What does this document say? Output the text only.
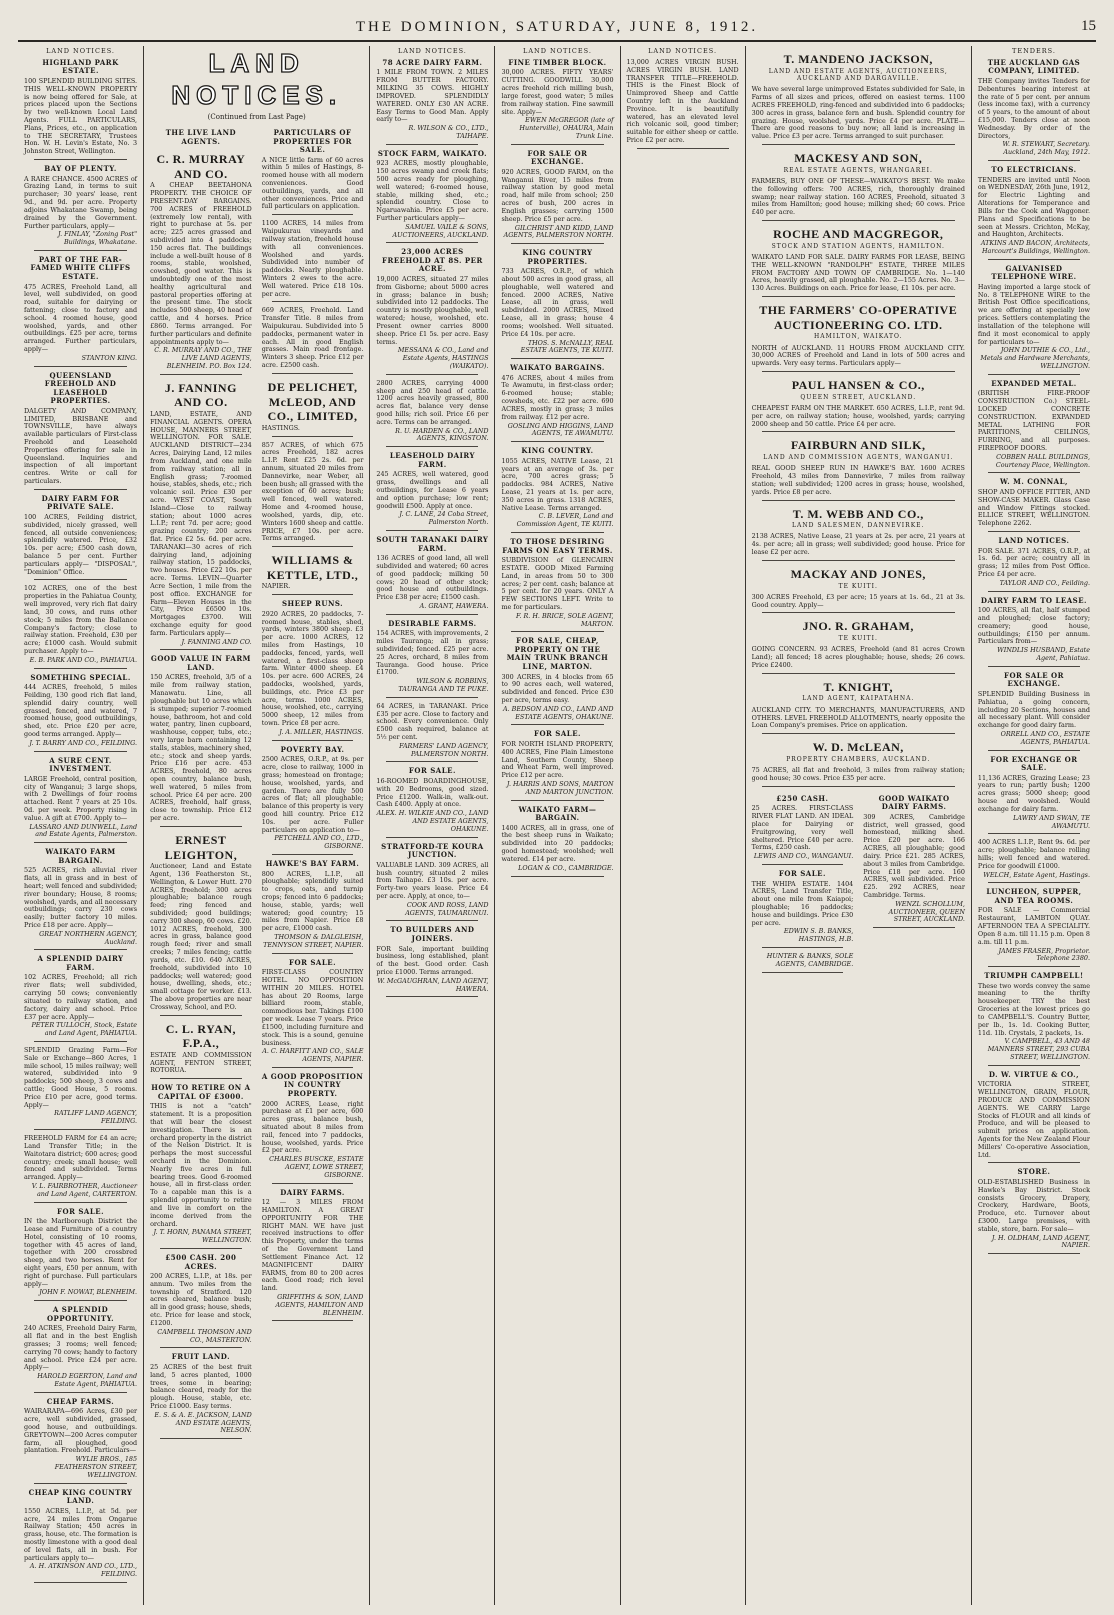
THE DOMINION, SATURDAY, JUNE 8, 1912.	15
LAND NOTICES.
HIGHLAND PARK ESTATE.

100 SPLENDID BUILDING SITES. THIS WELL-KNOWN PROPERTY is now being offered for Sale, at prices placed upon the Sections by two well-known Local Land Agents. FULL PARTICULARS, Plans, Prices, etc., on application to THE SECRETARY, Trustees Hon. W. H. Levin's Estate, No. 3 Johnston Street, Wellington.

BAY OF PLENTY.

A RARE CHANCE. 4500 ACRES of Grazing Land, in terms to suit purchaser; 30 years' lease, rent 9d., and 9d. per acre. Property adjoins Whakatane Swamp, being drained by the Government. Further particulars, apply—

J. FINLAY, "Zoning Post" Buildings, Whakatane.
PART OF THE FAR-FAMED WHITE CLIFFS ESTATE.

475 ACRES, Freehold Land, all level, well subdivided, on good road, suitable for dairying or fattening; close to factory and school. 4 roomed house, good woolshed, yards, and other outbuildings. £25 per acre, terms arranged. Further particulars, apply—

STANTON KING.
QUEENSLAND FREEHOLD AND LEASEHOLD PROPERTIES.

DALGETY AND COMPANY, LIMITED, BRISBANE and TOWNSVILLE, have always available particulars of First-class Freehold and Leasehold Properties offering for sale in Queensland. Inquiries and inspection of all important centres. Write or call for particulars.

DAIRY FARM FOR PRIVATE SALE.

100 ACRES, Feilding district, subdivided, nicely grassed, well fenced, all outside conveniences; splendidly watered. Price, £32 10s. per acre; £500 cash down, balance 5 per cent. Further particulars apply— "DISPOSAL", "Dominion" Office.

102 ACRES, one of the best properties in the Pahiatua County, well improved, very rich flat dairy land, 30 cows, and runs other stock; 5 miles from the Ballance Company's factory; close to railway station. Freehold, £30 per acre; £1000 cash. Would submit purchaser. Apply to—

E. B. PARK AND CO., PAHIATUA.
SOMETHING SPECIAL.

444 ACRES, freehold, 5 miles Feilding, 130 good rich flat land, splendid dairy country, well grassed, fenced, and watered, 7 roomed house, good outbuildings, shed, etc. Price £20 per acre, good terms arranged. Apply—

J. T. BARRY AND CO., FEILDING.
A SURE CENT. INVESTMENT.

LARGE Freehold, central position, city of Wanganui; 3 large shops, with 2 Dwellings of four rooms attached. Rent 7 years at 25 10s. 0d. per week. Property rising in value. A gift at £700. Apply to—

LASSARO AND DUNWELL, Land and Estate Agents, Palmerston.
WAIKATO FARM BARGAIN.

525 ACRES, rich alluvial river flats, all in grass and in best of heart; well fenced and subdivided; river boundary; House, 8 rooms; woolshed, yards, and all necessary outbuildings; carry 230 cows easily; butter factory 10 miles. Price £18 per acre. Apply—

GREAT NORTHERN AGENCY, Auckland.
A SPLENDID DAIRY FARM.

102 ACRES, Freehold; all rich river flats; well subdivided, carrying 50 cows; conveniently situated to railway station, and factory, dairy and school. Price £37 per acre. Apply—

PETER TULLOCH, Stock, Estate and Land Agent, PAHIATUA.

SPLENDID Grazing Farm—For Sale or Exchange—860 Acres, 1 mile school, 15 miles railway; well watered, subdivided into 9 paddocks; 500 sheep, 3 cows and cattle; Good House, 5 rooms. Price £10 per acre, good terms. Apply—

RATLIFF LAND AGENCY, FEILDING.

FREEHOLD FARM for £4 an acre; Land Transfer Title; in the Waitotara district; 600 acres; good country; creek; small house; well fenced and subdivided. Terms arranged. Apply—

V. L. FAIRBROTHER, Auctioneer and Land Agent, CARTERTON.
FOR SALE.

IN the Marlborough District the Lease and Furniture of a country Hotel, consisting of 10 rooms, together with 45 acres of land, together with 200 crossbred sheep, and two horses. Rent for eight years, £50 per annum, with right of purchase. Full particulars apply—

JOHN F. NOWAT, BLENHEIM.
A SPLENDID OPPORTUNITY.

240 ACRES, Freehold Dairy Farm, all flat and in the best English grasses; 3 rooms; well fenced; carrying 70 cows; handy to factory and school. Price £24 per acre. Apply—

HAROLD EGERTON, Land and Estate Agent, PAHIATUA.
CHEAP FARMS.

WAIRARAPA—696 Acres, £30 per acre, well subdivided, grassed, good house, and outbuildings. GREYTOWN—200 Acres computer farm, all ploughed, good plantation. Freehold. Particulars—

WYLIE BROS., 185 FEATHERSTON STREET, WELLINGTON.
CHEAP KING COUNTRY LAND.

1550 ACRES, L.I.P., at 5d. per acre, 24 miles from Ongarue Railway Station; 450 acres in grass, house, etc. The formation is mostly limestone with a good deal of level flats, all in bush. For particulars apply to—

A. H. ATKINSON AND CO., LTD., FEILDING.
LAND NOTICES.
(Continued from Last Page)
THE LIVE LAND AGENTS.
C. R. MURRAY AND CO.

A CHEAP BEETAHONA PROPERTY. THE CHOICE OF PRESENT-DAY BARGAINS. 700 ACRES of FREEHOLD (extremely low rental), with right to purchase at 5s. per acre; 225 acres grassed and subdivided into 4 paddocks; 150 acres flat. The buildings include a well-built house of 8 rooms, stable, woolshed, cowshed, good water. This is undoubtedly one of the most healthy agricultural and pastoral properties offering at the present time. The stock includes 500 sheep, 40 head of cattle, and 4 horses. Price £860. Terms arranged. For further particulars and definite appointments apply to—

C. R. MURRAY AND CO., THE LIVE LAND AGENTS, BLENHEIM. P.O. Box 124.
J. FANNING AND CO.

LAND, ESTATE, AND FINANCIAL AGENTS. OPERA HOUSE, MANNERS STREET, WELLINGTON. FOR SALE. AUCKLAND DISTRICT—234 Acres, Dairying Land, 12 miles from Auckland, and one mile from railway station; all in English grass; 7-roomed house, stables, sheds, etc.; rich volcanic soil. Price £30 per acre. WEST COAST, South Island—Close to railway station; about 1000 acres L.I.P.; rent 7d. per acre; good grazing country; 200 acres flat. Price £2 5s. 6d. per acre. TARANAKI—30 acres of rich dairying land, adjoining railway station, 15 paddocks, two houses. Price £22 10s. per acre. Terms. LEVIN—Quarter Acre Section, 1 mile from the post office. EXCHANGE for Farm—Eleven Houses in the City, Price £6500 10s. Mortgages £3700. Will exchange equity for good farm. Particulars apply—

J. FANNING AND CO.
GOOD VALUE IN FARM LAND.

150 ACRES, freehold, 3/5 of a mile from railway station, Manawatu. Line, all ploughable but 10 acres which is stumped; superior 7-roomed house, bathroom, hot and cold water, pantry, linen cupboard, washhouse, copper, tubs, etc.; very large barn containing 12 stalls, stables, machinery shed, etc.; stock and sheep yards. Price £16 per acre. 453 ACRES, freehold, 80 acres open country, balance bush, well watered, 5 miles from school. Price £4 per acre. 200 ACRES, freehold, half grass, close to township. Price £12 per acre.

ERNEST LEIGHTON,

Auctioneer, Land and Estate Agent, 136 Featherston St., Wellington, & Lower Hutt. 270 ACRES, freehold; 300 acres ploughable; balance rough feed; ring fenced and subdivided; good buildings; carry 300 sheep, 60 cows. £20. 1012 ACRES, freehold, 300 acres in grass, balance good rough feed; river and small creeks; 7 miles fencing; cattle yards, etc. £10. 640 ACRES, freehold, subdivided into 10 paddocks; well watered; good house, dwelling, sheds, etc.; small cottage for worker. £13. The above properties are near Crossway, School, and P.O.

C. L. RYAN, F.P.A.,

ESTATE AND COMMISSION AGENT, FENTON STREET, ROTORUA.

HOW TO RETIRE ON A CAPITAL OF £3000.

THIS is not a "catch" statement. It is a proposition that will bear the closest investigation. There is an orchard property in the district of the Nelson District. It is perhaps the most successful orchard in the Dominion. Nearly five acres in full bearing trees. Good 6-roomed house, all in first-class order. To a capable man this is a splendid opportunity to retire and live in comfort on the income derived from the orchard.

J. T. HORN, PANAMA STREET, WELLINGTON.
£500 CASH. 200 ACRES.

200 ACRES, L.I.P., at 18s. per annum. Two miles from the township of Stratford. 120 acres cleared, balance bush; all in good grass; house, sheds, etc. Price for lease and stock, £1200.

CAMPBELL THOMSON AND CO., MASTERTON.
FRUIT LAND.

25 ACRES of the best fruit land, 5 acres planted, 1000 trees, some in bearing; balance cleared, ready for the plough. House, stable, etc. Price £1000. Easy terms.

E. S. & A. E. JACKSON, LAND AND ESTATE AGENTS, NELSON.
PARTICULARS OF PROPERTIES FOR SALE.

A NICE little farm of 60 acres within 5 miles of Hastings, 8-roomed house with all modern conveniences. Good outbuildings, yards, and all other conveniences. Price and full particulars on application.

1100 ACRES, 14 miles from Waipukurau vineyards and railway station, freehold house with all conveniences. Woolshed and yards. Subdivided into number of paddocks. Nearly ploughable. Winters 2 ewes to the acre. Well watered. Price £18 10s. per acre.

669 ACRES, Freehold. Land Transfer Title. 8 miles from Waipukurau. Subdivided into 5 paddocks, permanent water in each. All in good English grasses. Main road frontage. Winters 3 sheep. Price £12 per acre. £2500 cash.

DE PELICHET, McLEOD, AND CO., LIMITED,

HASTINGS.

857 ACRES, of which 675 acres Freehold, 182 acres L.I.P. Rent £25 2s. 6d. per annum, situated 20 miles from Dannevirke, near Weber, all been bush; all grassed with the exception of 60 acres; bush; well fenced, well watered. Home and 4-roomed house, woolshed, yards, dip, etc. Winters 1600 sheep and cattle. PRICE, £7 10s. per acre. Terms arranged.

WILLIAMS & KETTLE, LTD.,

NAPIER.

SHEEP RUNS.

2920 ACRES, 20 paddocks, 7-roomed house, stables, shed, yards, winters 3800 sheep. £3 per acre. 1000 ACRES, 12 miles from Hastings, 10 paddocks, fenced, yards, well watered, a first-class sheep farm. Winter 4000 sheep. £4 10s. per acre. 600 ACRES, 24 paddocks, woolshed, yards, buildings, etc. Price £3 per acre, terms. 1000 ACRES, house, woolshed, etc., carrying 5000 sheep, 12 miles from town. Price £8 per acre.

J. A. MILLER, HASTINGS.
POVERTY BAY.

2500 ACRES, O.R.P., at 9s. per acre, close to railway, 1000 in grass; homestead on frontage; house, woolshed, yards, and garden. There are fully 500 acres of flat; all ploughable; balance of this property is very good hill country. Price £12 10s. per acre. Fuller particulars on application to—

PETCHELL AND CO., LTD., GISBORNE.
HAWKE'S BAY FARM.

800 ACRES, L.I.P., all ploughable; splendidly suited to crops, oats, and turnip crops; fenced into 6 paddocks; house, stable, yards; well watered; good country; 15 miles from Napier. Price £8 per acre, £1000 cash.

THOMSON & DALGLEISH, TENNYSON STREET, NAPIER.
FOR SALE.

FIRST-CLASS COUNTRY HOTEL. NO OPPOSITION WITHIN 20 MILES. HOTEL has about 20 Rooms, large billiard room, stable, commodious bar. Takings £100 per week. Lease 7 years. Price £1500, including furniture and stock. This is a sound, genuine business.

A. C. HARFITT AND CO., SALE AGENTS, NAPIER.
A GOOD PROPOSITION IN COUNTRY PROPERTY.

2000 ACRES, Lease, right purchase at £1 per acre, 600 acres grass, balance bush, situated about 8 miles from rail, fenced into 7 paddocks, house, woolshed, yards. Price £2 per acre.

CHARLES BUSCKE, ESTATE AGENT, LOWE STREET, GISBORNE.
DAIRY FARMS.

12 — 3 MILES FROM HAMILTON. A GREAT OPPORTUNITY FOR THE RIGHT MAN. WE have just received instructions to offer this Property, under the terms of the Government Land Settlement Finance Act. 12 MAGNIFICENT DAIRY FARMS, from 80 to 200 acres each. Good road; rich level land.

GRIFFITHS & SON, LAND AGENTS, HAMILTON AND BLENHEIM.
LAND NOTICES.
78 ACRE DAIRY FARM.

1 MILE FROM TOWN. 2 MILES FROM BUTTER FACTORY. MILKING 35 COWS. HIGHLY IMPROVED. SPLENDIDLY WATERED. ONLY £30 AN ACRE. Easy Terms to Good Man. Apply early to—

R. WILSON & CO., LTD., TAIHAPE.
STOCK FARM, WAIKATO.

923 ACRES, mostly ploughable, 150 acres swamp and creek flats; 500 acres ready for ploughing, well watered; 6-roomed house, stable, milking shed, etc.; splendid country. Close to Ngaruawahia. Price £5 per acre. Further particulars apply—

SAMUEL VAILE & SONS, AUCTIONEERS, AUCKLAND.
23,000 ACRES FREEHOLD AT 8S. PER ACRE.

19,000 ACRES, situated 27 miles from Gisborne; about 5000 acres in grass; balance in bush; subdivided into 12 paddocks. The country is mostly ploughable, well watered; house, woolshed, etc. Present owner carries 8000 sheep. Price £1 5s. per acre. Easy terms.

MESSANA & CO., Land and Estate Agents, HASTINGS (WAIKATO).

2800 ACRES, carrying 4000 sheep and 250 head of cattle. 1200 acres heavily grassed, 800 acres flat, balance very dense good hills; rich soil. Price £6 per acre. Terms can be arranged.

R. U. HARDEN & CO., LAND AGENTS, KINGSTON.
LEASEHOLD DAIRY FARM.

245 ACRES, well watered, good grass, dwellings and all outbuildings, for Lease 6 years and option purchase; low rent; goodwill £500. Apply at once.

J. C. LANE, 24 Coba Street, Palmerston North.
SOUTH TARANAKI DAIRY FARM.

136 ACRES of good land, all well subdivided and watered; 60 acres of good paddock; milking 50 cows; 20 head of other stock; good house and outbuildings. Price £38 per acre; £1500 cash.

A. GRANT, HAWERA.
DESIRABLE FARMS.

154 ACRES, with improvements, 2 miles Tauranga; all in grass; subdivided; fenced. £25 per acre. 25 Acres, orchard, 8 miles from Tauranga. Good house. Price £1700.

WILSON & ROBBINS, TAURANGA AND TE PUKE.

64 ACRES, in TARANAKI. Price £35 per acre. Close to factory and school. Every convenience. Only £500 cash required, balance at 5½ per cent.

FARMERS' LAND AGENCY, PALMERSTON NORTH.
FOR SALE.

16-ROOMED BOARDINGHOUSE, with 20 Bedrooms, good sized. Price £1200. Walk-in, walk-out. Cash £400. Apply at once.

ALEX. H. WILKIE AND CO., LAND AND ESTATE AGENTS, OHAKUNE.
STRATFORD-TE KOURA JUNCTION.

VALUABLE LAND. 309 ACRES, all bush country, situated 2 miles from Taihape. £3 10s. per acre. Forty-two years lease. Price £4 per acre. Apply, at once, to—

COOK AND ROSS, LAND AGENTS, TAUMARUNUI.
TO BUILDERS AND JOINERS.

FOR Sale, important building business, long established, plant of the best. Good order. Cash price £1000. Terms arranged.

W. McGAUGHRAN, LAND AGENT, HAWERA.
LAND NOTICES.
FINE TIMBER BLOCK.

30,000 ACRES. FIFTY YEARS' CUTTING. GOODWILL 30,000 acres freehold rich milling bush, large forest, good water; 5 miles from railway station. Fine sawmill site. Apply—

EWEN McGREGOR (late of Hunterville), OHAURA, Main Trunk Line.
FOR SALE OR EXCHANGE.

920 ACRES, GOOD FARM, on the Wanganui River, 15 miles from railway station by good metal road, half mile from school; 250 acres of bush, 200 acres in English grasses; carrying 1500 sheep. Price £5 per acre.

GILCHRIST AND KIDD, LAND AGENTS, PALMERSTON NORTH.
KING COUNTRY PROPERTIES.

733 ACRES, O.R.P., of which about 500 acres in good grass, all ploughable, well watered and fenced. 2000 ACRES, Native Lease, all in grass, well subdivided. 2000 ACRES, Mixed Lease, all in grass; house 4 rooms; woolshed. Well situated. Price £4 10s. per acre.

THOS. S. McNALLY, REAL ESTATE AGENTS, TE KUITI.
WAIKATO BARGAINS.

476 ACRES, about 4 miles from Te Awamutu, in first-class order; 6-roomed house; stable; cowsheds, etc. £22 per acre. 690 ACRES, mostly in grass; 3 miles from railway. £12 per acre.

GOSLING AND HIGGINS, LAND AGENTS, TE AWAMUTU.
KING COUNTRY.

1055 ACRES, NATIVE Lease, 21 years at an average of 3s. per acre, 700 acres grass; 5 paddocks. 984 ACRES, Native Lease, 21 years at 1s. per acre, 350 acres in grass. 1318 ACRES, Native Lease. Terms arranged.

C. B. LEVER, Land and Commission Agent, TE KUITI.
TO THOSE DESIRING FARMS ON EASY TERMS.

SUBDIVISION of GLENCAIRN ESTATE. GOOD Mixed Farming Land, in areas from 50 to 300 acres; 2 per cent. cash; balance at 5 per cent. for 20 years. ONLY A FEW SECTIONS LEFT. Write to me for particulars.

F. R. H. BRICE, SOLE AGENT, MARTON.
FOR SALE, CHEAP, PROPERTY ON THE MAIN TRUNK BRANCH LINE, MARTON.

300 ACRES, in 4 blocks from 65 to 90 acres each, well watered, subdivided and fenced. Price £30 per acre, terms easy.

A. BEDSON AND CO., LAND AND ESTATE AGENTS, OHAKUNE.
FOR SALE.

FOR NORTH ISLAND PROPERTY, 400 ACRES, Fine Plain Limestone Land, Southern County, Sheep and Wheat Farm, well improved. Price £12 per acre.

J. HARRIS AND SONS, MARTON AND MARTON JUNCTION.
WAIKATO FARM—BARGAIN.

1400 ACRES, all in grass, one of the best sheep runs in Waikato; subdivided into 20 paddocks; good homestead; woolshed; well watered. £14 per acre.

LOGAN & CO., CAMBRIDGE.
LAND NOTICES.

13,000 ACRES VIRGIN BUSH. ACRES VIRGIN BUSH. LAND TRANSFER TITLE—FREEHOLD. THIS is the Finest Block of Unimproved Sheep and Cattle Country left in the Auckland Province. It is beautifully watered, has an elevated level rich volcanic soil, good timber; suitable for either sheep or cattle. Price £2 per acre.

T. MANDENO JACKSON,
LAND AND ESTATE AGENTS, AUCTIONEERS, AUCKLAND AND DARGAVILLE.

We have several large unimproved Estates subdivided for Sale, in Farms of all sizes and prices, offered on easiest terms. 1100 ACRES FREEHOLD, ring-fenced and subdivided into 6 paddocks; 300 acres in grass, balance fern and bush. Splendid country for grazing. House, woolshed, yards. Price £4 per acre. PLATE—There are good reasons to buy now; all land is increasing in value. Price £3 per acre. Terms arranged to suit purchaser.

MACKESY AND SON,
REAL ESTATE AGENTS, WHANGAREI.

FARMERS, BUY ONE OF THESE—WAIKATO'S BEST. We make the following offers: 700 ACRES, rich, thoroughly drained swamp; near railway station. 160 ACRES, Freehold, situated 3 miles from Hamilton; good house; milking shed; 60 cows. Price £40 per acre.

ROCHE AND MACGREGOR,
STOCK AND STATION AGENTS, HAMILTON.

WAIKATO LAND FOR SALE. DAIRY FARMS FOR LEASE, BEING THE WELL-KNOWN "RANDOLPH" ESTATE, THREE MILES FROM FACTORY AND TOWN OF CAMBRIDGE. No. 1—140 Acres, heavily grassed, all ploughable. No. 2—155 Acres. No. 3—130 Acres. Buildings on each. Price for lease, £1 10s. per acre.

THE FARMERS' CO-OPERATIVE AUCTIONEERING CO. LTD.
HAMILTON, WAIKATO.

NORTH of AUCKLAND. 11 HOURS FROM AUCKLAND CITY. 30,000 ACRES of Freehold and Land in lots of 500 acres and upwards. Very easy terms. Particulars apply—

PAUL HANSEN & CO.,
QUEEN STREET, AUCKLAND.

CHEAPEST FARM ON THE MARKET. 650 ACRES, L.I.P., rent 9d. per acre, on railway station; house, woolshed, yards; carrying 2000 sheep and 50 cattle. Price £4 per acre.

FAIRBURN AND SILK,
LAND AND COMMISSION AGENTS, WANGANUI.

REAL GOOD SHEEP RUN IN HAWKE'S BAY. 1600 ACRES Freehold, 43 miles from Dannevirke, 7 miles from railway station; well subdivided; 1200 acres in grass; house, woolshed, yards. Price £8 per acre.

T. M. WEBB AND CO.,
LAND SALESMEN, DANNEVIRKE.

2138 ACRES, Native Lease, 21 years at 2s. per acre, 21 years at 4s. per acre; all in grass; well subdivided; good house. Price for lease £2 per acre.

MACKAY AND JONES,
TE KUITI.

300 ACRES Freehold, £3 per acre; 15 years at 1s. 6d., 21 at 3s. Good country. Apply—

JNO. R. GRAHAM,
TE KUITI.

GOING CONCERN. 93 ACRES, Freehold (and 81 acres Crown Land); all fenced; 18 acres ploughable; house, sheds; 26 cows. Price £2400.

T. KNIGHT,
LAND AGENT, KAIPATAHNA.

AUCKLAND CITY. TO MERCHANTS, MANUFACTURERS, AND OTHERS. LEVEL FREEHOLD ALLOTMENTS, nearly opposite the Loan Company's premises. Price on application.

W. D. McLEAN,
PROPERTY CHAMBERS, AUCKLAND.

75 ACRES, all flat and freehold, 3 miles from railway station; good house; 30 cows. Price £35 per acre.

£250 CASH.

25 ACRES. FIRST-CLASS RIVER FLAT LAND. AN IDEAL place for Dairying or Fruitgrowing, very well sheltered. Price £40 per acre. Terms, £250 cash.

LEWIS AND CO., WANGANUI.
FOR SALE.

THE WHIPA ESTATE. 1404 ACRES, Land Transfer Title, about one mile from Kaiapoi; ploughable; 16 paddocks; house and buildings. Price £30 per acre.

EDWIN S. B. BANKS, HASTINGS, H.B.
HUNTER & BANKS, SOLE AGENTS, CAMBRIDGE.
GOOD WAIKATO DAIRY FARMS.

309 ACRES, Cambridge district, well grassed, good homestead, milking shed. Price £20 per acre. 166 ACRES, all ploughable; good dairy. Price £21. 285 ACRES, about 3 miles from Cambridge. Price £18 per acre. 160 ACRES, well subdivided. Price £25. 292 ACRES, near Cambridge. Terms.

WENZL SCHOLLUM, AUCTIONEER, QUEEN STREET, AUCKLAND.
TENDERS.
THE AUCKLAND GAS COMPANY, LIMITED.

THE Company invites Tenders for Debentures bearing interest at the rate of 5 per cent. per annum (less income tax), with a currency of 5 years, to the amount of about £15,000. Tenders close at noon Wednesday. By order of the Directors,

W. R. STEWART, Secretary. Auckland, 24th May, 1912.
TO ELECTRICIANS.

TENDERS are invited until Noon on WEDNESDAY, 26th June, 1912, for Electric Lighting and Alterations for Temperance and Bills for the Cook and Waggoner. Plans and Specifications to be seen at Messrs. Crichton, McKay, and Haughton, Architects.

ATKINS AND BACON, Architects, Harcourt's Buildings, Wellington.
GALVANISED TELEPHONE WIRE.

Having imported a large stock of No. 8 TELEPHONE WIRE to the British Post Office specifications, we are offering at specially low prices. Settlers contemplating the installation of the telephone will find it most economical to apply for particulars to—

JOHN DUTHIE & CO., Ltd., Metals and Hardware Merchants, WELLINGTON.
EXPANDED METAL.

(BRITISH FIRE-PROOF CONSTRUCTION Co.) STEEL-LOCKED CONCRETE CONSTRUCTION. EXPANDED METAL LATHING FOR PARTITIONS, CEILINGS, FURRING, and all purposes. FIREPROOF DOORS.

COBBEN HALL BUILDINGS, Courtenay Place, Wellington.
W. M. CONNAL,

SHOP AND OFFICE FITTER, AND SHOW-CASE MAKER. Glass Case and Window Fittings stocked. ELLICE STREET, WELLINGTON. Telephone 2262.

LAND NOTICES.

FOR SALE. 371 ACRES, O.R.P., at 1s. 6d. per acre; country all in grass; 12 miles from Post Office. Price £4 per acre.

TAYLOR AND CO., Feilding.
DAIRY FARM TO LEASE.

100 ACRES, all flat, half stumped and ploughed; close factory; creamery; good house, outbuildings; £150 per annum. Particulars from—

WINDLIS HUSBAND, Estate Agent, Pahiatua.
FOR SALE OR EXCHANGE.

SPLENDID Building Business in Pahiatua, a going concern, including 20 Sections, houses and all necessary plant. Will consider exchange for good dairy farm.

ORRELL AND CO., ESTATE AGENTS, PAHIATUA.
FOR EXCHANGE OR SALE.

11,136 ACRES, Grazing Lease; 23 years to run; partly bush; 1200 acres grass; 5000 sheep; good house and woolshed. Would exchange for dairy farm.

LAWRY AND SWAN, TE AWAMUTU.

400 ACRES L.I.P., Rent 9s. 6d. per acre; ploughable; balance rolling hills; well fenced and watered. Price for goodwill £1000.

WELCH, Estate Agent, Hastings.
LUNCHEON, SUPPER, AND TEA ROOMS.

FOR SALE — Commercial Restaurant, LAMBTON QUAY. AFTERNOON TEA A SPECIALITY. Open 8 a.m. till 11.15 p.m. Open 8 a.m. till 11 p.m.

JAMES FRASER, Proprietor. Telephone 2380.
TRIUMPH CAMPBELL!

These two words convey the same meaning to the thrifty housekeeper. TRY the best Groceries at the lowest prices go to CAMPBELL'S. Country Butter, per lb., 1s. 1d. Cooking Butter, 11d. 1lb. Crystals, 2 packets, 1s.

V. CAMPBELL, 43 AND 48 MANNERS STREET, 293 CUBA STREET, WELLINGTON.
D. W. VIRTUE & CO.,

VICTORIA STREET, WELLINGTON, GRAIN, FLOUR, PRODUCE AND COMMISSION AGENTS. WE CARRY Large Stocks of FLOUR and all kinds of Produce, and will be pleased to submit prices on application. Agents for the New Zealand Flour Millers' Co-operative Association, Ltd.

STORE.

OLD-ESTABLISHED Business in Hawke's Bay District. Stock consists Grocery, Drapery, Crockery, Hardware, Boots, Produce, etc. Turnover about £3000. Large premises, with stable, store, barn. For sale—

J. H. OLDHAM, LAND AGENT, NAPIER.
